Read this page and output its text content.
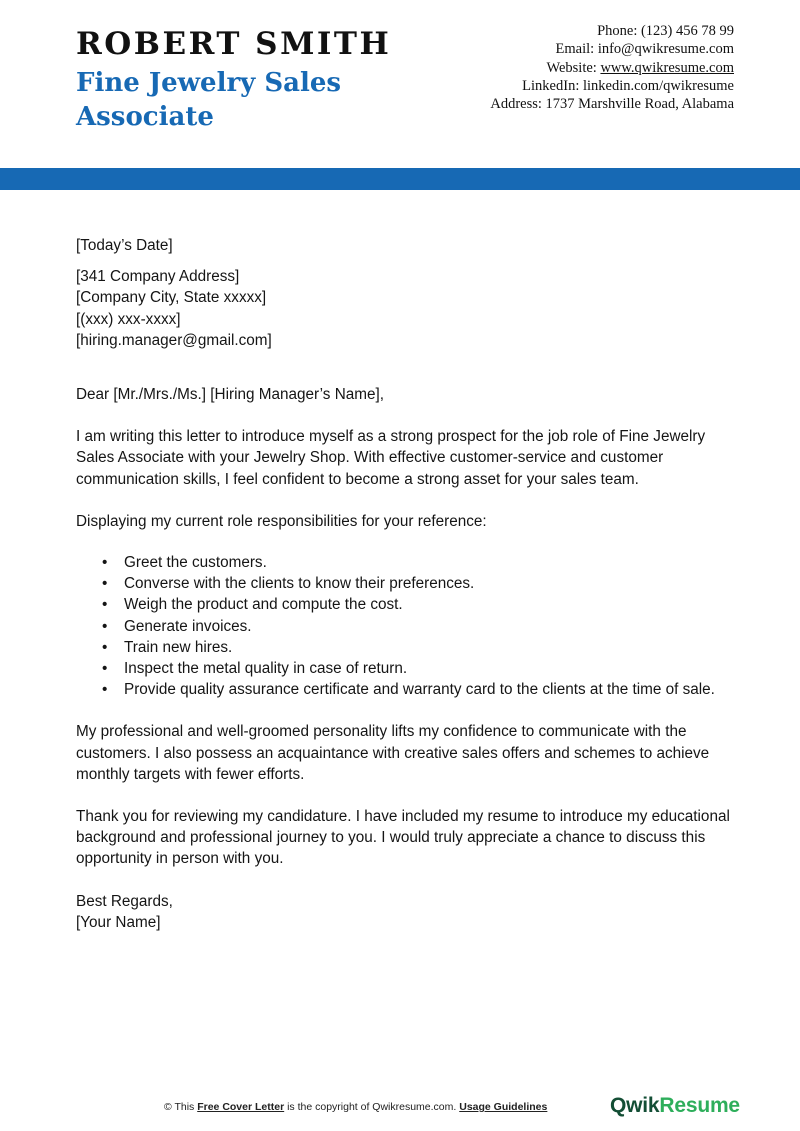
ROBERT SMITH
Fine Jewelry Sales Associate
Phone: (123) 456 78 99
Email: info@qwikresume.com
Website: www.qwikresume.com
LinkedIn: linkedin.com/qwikresume
Address: 1737 Marshville Road, Alabama

[Today’s Date]

[341 Company Address]

[Company City, State xxxxx]

[(xxx) xxx-xxxx]

[hiring.manager@gmail.com]

Dear [Mr./Mrs./Ms.] [Hiring Manager’s Name],

I am writing this letter to introduce myself as a strong prospect for the job role of Fine Jewelry Sales Associate with your Jewelry Shop. With effective customer-service and customer communication skills, I feel confident to become a strong asset for your sales team.

Displaying my current role responsibilities for your reference:

• Greet the customers.
• Converse with the clients to know their preferences.
• Weigh the product and compute the cost.
• Generate invoices.
• Train new hires.
• Inspect the metal quality in case of return.
• Provide quality assurance certificate and warranty card to the clients at the time of sale.

My professional and well-groomed personality lifts my confidence to communicate with the customers. I also possess an acquaintance with creative sales offers and schemes to achieve monthly targets with fewer efforts.

Thank you for reviewing my candidature. I have included my resume to introduce my educational background and professional journey to you. I would truly appreciate a chance to discuss this opportunity in person with you.

Best Regards,

[Your Name]

© This Free Cover Letter is the copyright of Qwikresume.com. Usage Guidelines	QwikResume
